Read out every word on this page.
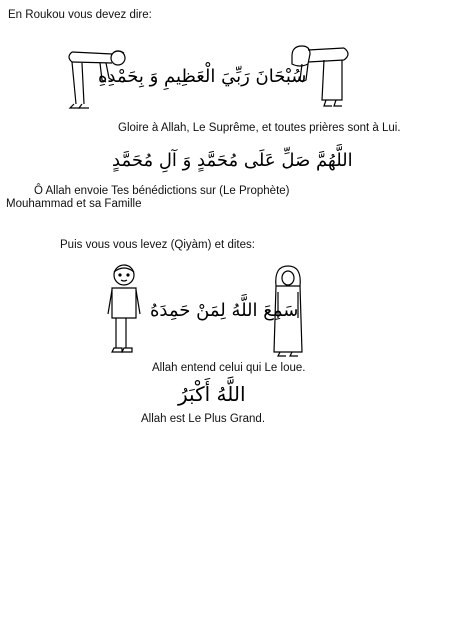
En Roukou vous devez dire:
سُبْحَانَ رَبِّيَ الْعَظِيمِ وَ بِحَمْدِهِ
Gloire à Allah, Le Suprême, et toutes prières sont à Lui.
اللَّهُمَّ صَلِّ عَلَى مُحَمَّدٍ وَ آلِ مُحَمَّدٍ
Ô Allah envoie Tes bénédictions sur (Le Prophète)
Mouhammad et sa Famille
Puis vous vous levez (Qiyàm) et dites:
سَمِعَ اللَّهُ لِمَنْ حَمِدَهُ
Allah entend celui qui Le loue.
اللَّهُ أَكْبَرُ
Allah est Le Plus Grand.
